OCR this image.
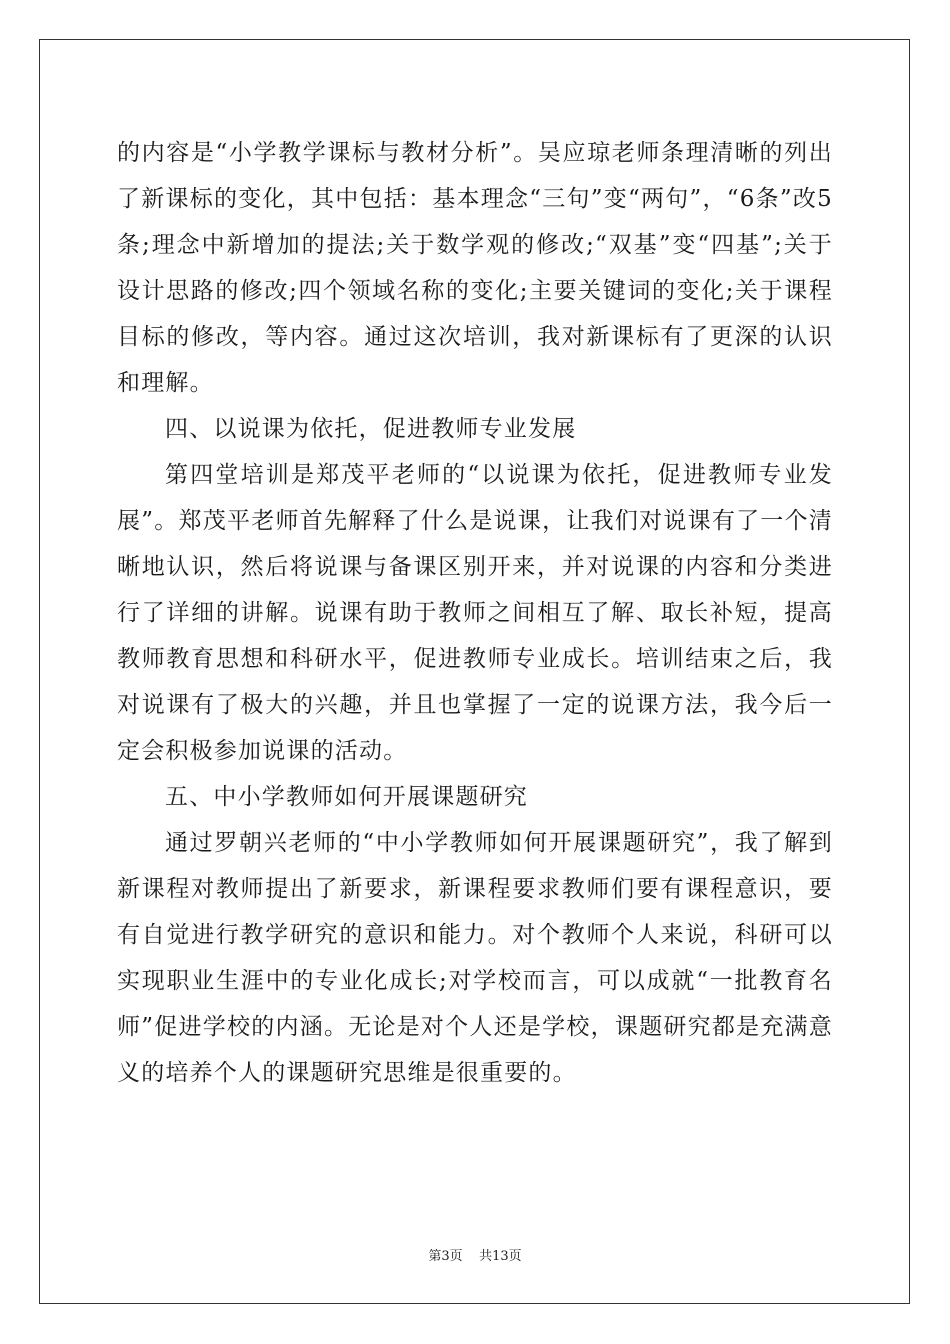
的内容是“小学教学课标与教材分析”。吴应琼老师条理清晰的列出了新课标的变化，其中包括：基本理念“三句”变“两句”，“6条”改5条;理念中新增加的提法;关于数学观的修改;“双基”变“四基”;关于设计思路的修改;四个领域名称的变化;主要关键词的变化;关于课程目标的修改，等内容。通过这次培训，我对新课标有了更深的认识和理解。

四、以说课为依托，促进教师专业发展

第四堂培训是郑茂平老师的“以说课为依托，促进教师专业发展”。郑茂平老师首先解释了什么是说课，让我们对说课有了一个清晰地认识，然后将说课与备课区别开来，并对说课的内容和分类进行了详细的讲解。说课有助于教师之间相互了解、取长补短，提高教师教育思想和科研水平，促进教师专业成长。培训结束之后，我对说课有了极大的兴趣，并且也掌握了一定的说课方法，我今后一定会积极参加说课的活动。

五、中小学教师如何开展课题研究

通过罗朝兴老师的“中小学教师如何开展课题研究”，我了解到新课程对教师提出了新要求，新课程要求教师们要有课程意识，要有自觉进行教学研究的意识和能力。对个教师个人来说，科研可以实现职业生涯中的专业化成长;对学校而言，可以成就“一批教育名师”促进学校的内涵。无论是对个人还是学校，课题研究都是充满意义的培养个人的课题研究思维是很重要的。

第3页 共13页
